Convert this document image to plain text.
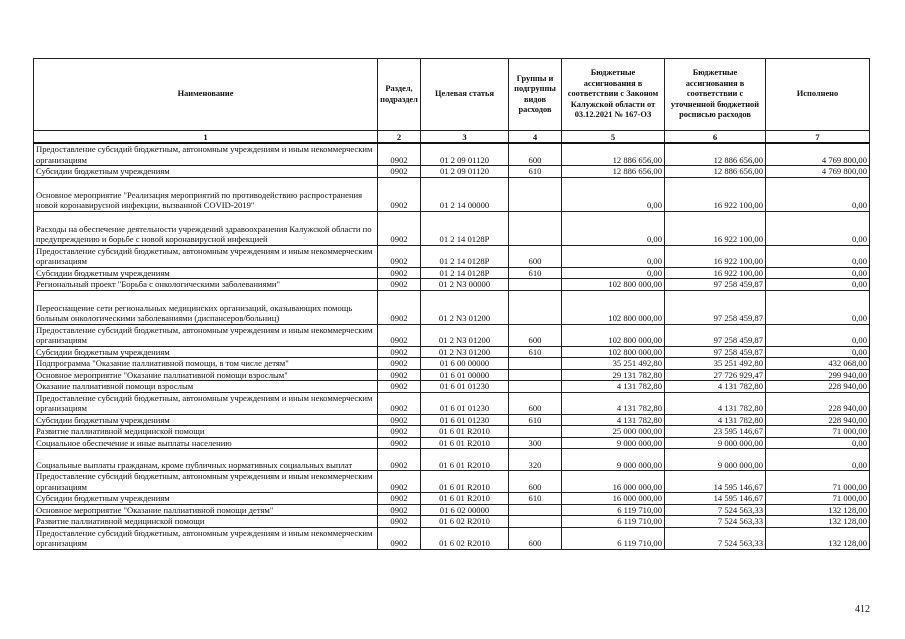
Наименование	Раздел, подраздел	Целевая статья	Группы и подгруппы видов расходов	Бюджетные ассигнования в соответствии с Законом Калужской области от 03.12.2021 № 167-ОЗ	Бюджетные ассигнования в соответствии с уточненной бюджетной росписью расходов	Исполнено
1	2	3	4	5	6	7
Предоставление субсидий бюджетным, автономным учреждениям и иным некоммерческим организациям	0902	01 2 09 01120	600	12 886 656,00	12 886 656,00	4 769 800,00
Субсидии бюджетным учреждениям	0902	01 2 09 01120	610	12 886 656,00	12 886 656,00	4 769 800,00
Основное мероприятие "Реализация мероприятий по противодействию распространения новой коронавирусной инфекции, вызванной COVID-2019"	0902	01 2 14 00000		0,00	16 922 100,00	0,00
Расходы на обеспечение деятельности учреждений здравоохранения Калужской области по предупреждению и борьбе с новой коронавирусной инфекцией	0902	01 2 14 0128Р		0,00	16 922 100,00	0,00
Предоставление субсидий бюджетным, автономным учреждениям и иным некоммерческим организациям	0902	01 2 14 0128Р	600	0,00	16 922 100,00	0,00
Субсидии бюджетным учреждениям	0902	01 2 14 0128Р	610	0,00	16 922 100,00	0,00
Региональный проект "Борьба с онкологическими заболеваниями"	0902	01 2 N3 00000		102 800 000,00	97 258 459,87	0,00
Переоснащение сети региональных медицинских организаций, оказывающих помощь больным онкологическими заболеваниями (диспансеров/больниц)	0902	01 2 N3 01200		102 800 000,00	97 258 459,87	0,00
Предоставление субсидий бюджетным, автономным учреждениям и иным некоммерческим организациям	0902	01 2 N3 01200	600	102 800 000,00	97 258 459,87	0,00
Субсидии бюджетным учреждениям	0902	01 2 N3 01200	610	102 800 000,00	97 258 459,87	0,00
Подпрограмма "Оказание паллиативной помощи, в том числе детям"	0902	01 6 00 00000		35 251 492,80	35 251 492,80	432 068,00
Основное мероприятие "Оказание паллиативной помощи взрослым"	0902	01 6 01 00000		29 131 782,80	27 726 929,47	299 940,00
Оказание паллиативной помощи взрослым	0902	01 6 01 01230		4 131 782,80	4 131 782,80	228 940,00
Предоставление субсидий бюджетным, автономным учреждениям и иным некоммерческим организациям	0902	01 6 01 01230	600	4 131 782,80	4 131 782,80	228 940,00
Субсидии бюджетным учреждениям	0902	01 6 01 01230	610	4 131 782,80	4 131 782,80	228 940,00
Развитие паллиативной медицинской помощи	0902	01 6 01 R2010		25 000 000,00	23 595 146,67	71 000,00
Социальное обеспечение и иные выплаты населению	0902	01 6 01 R2010	300	9 000 000,00	9 000 000,00	0,00
Социальные выплаты гражданам, кроме публичных нормативных социальных выплат	0902	01 6 01 R2010	320	9 000 000,00	9 000 000,00	0,00
Предоставление субсидий бюджетным, автономным учреждениям и иным некоммерческим организациям	0902	01 6 01 R2010	600	16 000 000,00	14 595 146,67	71 000,00
Субсидии бюджетным учреждениям	0902	01 6 01 R2010	610	16 000 000,00	14 595 146,67	71 000,00
Основное мероприятие "Оказание паллиативной помощи детям"	0902	01 6 02 00000		6 119 710,00	7 524 563,33	132 128,00
Развитие паллиативной медицинской помощи	0902	01 6 02 R2010		6 119 710,00	7 524 563,33	132 128,00
Предоставление субсидий бюджетным, автономным учреждениям и иным некоммерческим организациям	0902	01 6 02 R2010	600	6 119 710,00	7 524 563,33	132 128,00
412
